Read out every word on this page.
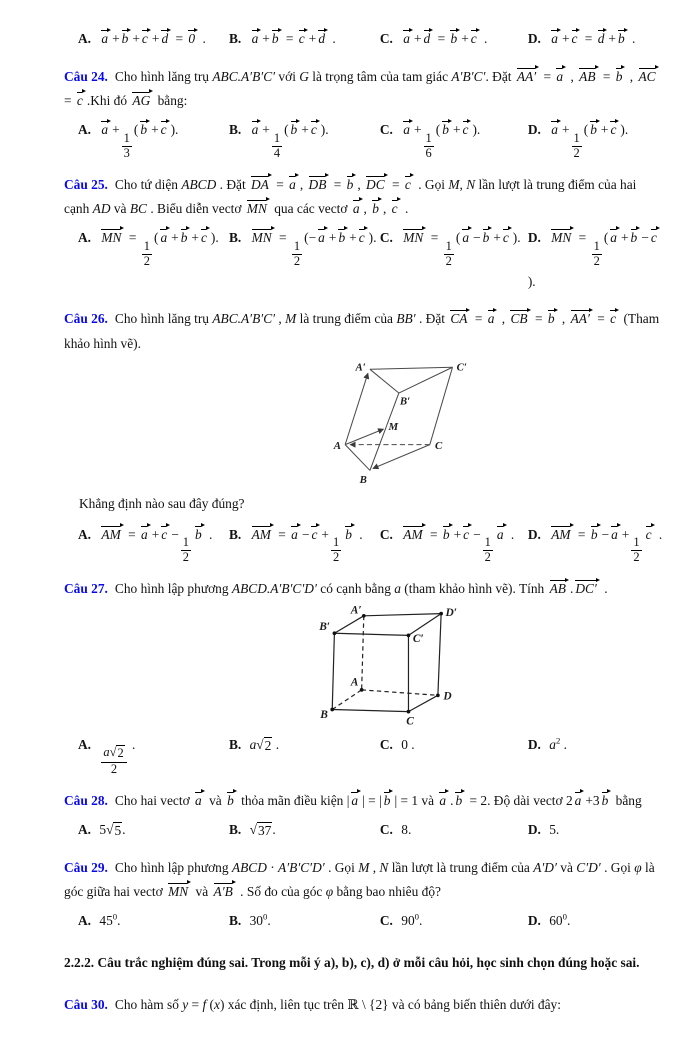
A. a + b + c + d
= 0
.	B. a + b
= c + d
.	C. a + d
= b + c
.	D. a + c
= d + b
.

Câu 24. Cho hình lăng trụ ABC.A′B′C′ với G là trọng tâm của tam giác A′B′C′. Đặt AA′
= a
, AB
= b
, AC
= c .Khi đó AG
bằng:

A. a +
$\frac{1}{3}$
( b + c ).	B. a +
$\frac{1}{4}$
( b + c ).	C. a +
$\frac{1}{6}$
( b + c ).	D. a +
$\frac{1}{2}$
( b + c ).

Câu 25. Cho tứ diện ABCD . Đặt DA
= a , DB
= b , DC
= c
. Gọi M, N lần lượt là trung điểm của hai cạnh AD và BC . Biểu diễn vectơ MN
qua các vectơ a , b , c
.

A. MN
=
$\frac{1}{2}$
( a + b + c ). B. MN
=
$\frac{1}{2}$
(− a + b + c ). C. MN
=
$\frac{1}{2}$
( a − b + c ). D. MN
=
$\frac{1}{2}$
( a + b − c
).

Câu 26. Cho hình lăng trụ ABC.A′B′C′ , M là trung điểm của BB′ . Đặt CA
= a
, CB
= b
, AA′
= c
(Tham khảo hình vẽ).

A′	C′
B′
M
A	C
B

Khẳng định nào sau đây đúng?

A. AM
= a + c −
$\frac{1}{2}$
b
.	B. AM
= a − c +
$\frac{1}{2}$
b
.	C. AM
= b + c −
$\frac{1}{2}$
a
.	D. AM
= b − a +
$\frac{1}{2}$
c
.

Câu 27. Cho hình lập phương ABCD.A′B′C′D′ có cạnh bằng a (tham khảo hình vẽ). Tính AB . DC′
.

A′	D′
B′
C′
A
D
B
C
A.
$\frac{a √ 2}{2}$
.	B. a √ 2 .	C. 0 .	D. $a^2$ .

Câu 28. Cho hai vectơ a
và b
thỏa mãn điều kiện | a | = | b | = 1 và a . b
= 2. Độ dài vectơ 2 a +3 b
bằng

A. 5 √ 5 .	B. √ 37 .	C. 8.	D. 5.

Câu 29. Cho hình lập phương ABCD · A′B′C′D′ . Gọi M , N lần lượt là trung điểm của A′D′ và C′D′ . Gọi φ là góc giữa hai vectơ MN
và A′B
. Số đo của góc φ bằng bao nhiêu độ?

A. $45^0$.	B. $30^0$.	C. $90^0$.	D. $60^0$.

2.2.2. Câu trắc nghiệm đúng sai. Trong mỗi ý a), b), c), d) ở mỗi câu hỏi, học sinh chọn đúng hoặc sai.

Câu 30. Cho hàm số y = f (x) xác định, liên tục trên ℝ \ {2} và có bảng biến thiên dưới đây:
